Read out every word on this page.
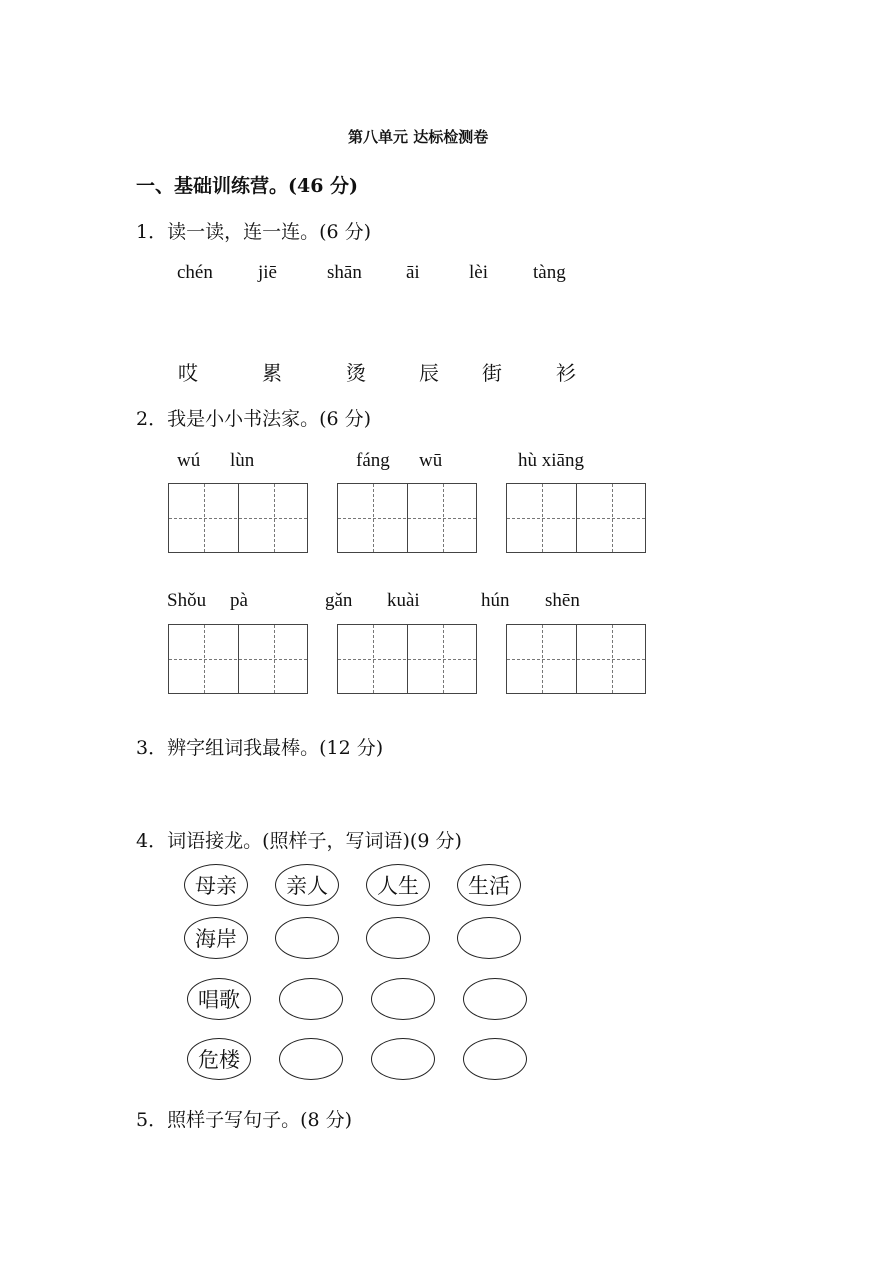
第八单元 达标检测卷
一、基础训练营。(46 分)
1．读一读，连一连。(6 分)
chén jiē	shān āi	lèi tàng
哎	累	烫	辰 街	衫
2．我是小小书法家。(6 分)
wú lùn	fáng wū	hù xiāng
Shǒu pà	gǎn kuài	hún shēn
3．辨字组词我最棒。(12 分)
4．词语接龙。(照样子，写词语)(9 分)
母亲	亲人	人生	生活
海岸
唱歌
危楼
5．照样子写句子。(8 分)
